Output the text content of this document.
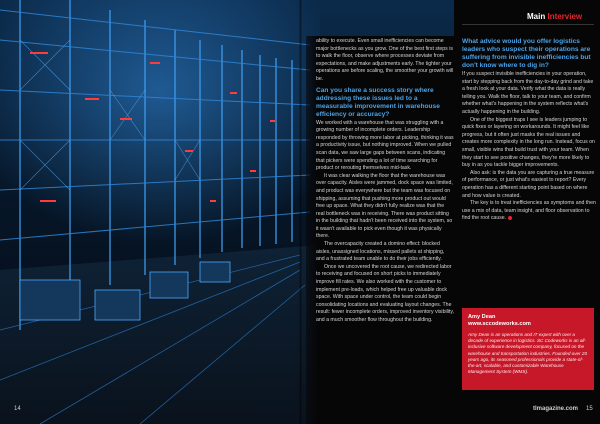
Main Interview

ability to execute. Even small inefficiencies can become major bottlenecks as you grow. One of the best first steps is to walk the floor, observe where processes deviate from expectations, and make adjustments early. The tighter your operations are before scaling, the smoother your growth will be.

Can you share a success story where addressing these issues led to a measurable improvement in warehouse efficiency or accuracy?

We worked with a warehouse that was struggling with a growing number of incomplete orders. Leadership responded by throwing more labor at picking, thinking it was a productivity issue, but nothing improved. When we pulled scan data, we saw large gaps between scans, indicating that pickers were spending a lot of time searching for product or rerouting themselves mid-task.

It was clear walking the floor that the warehouse was over capacity. Aisles were jammed, dock space was limited, and product was everywhere but the team was focused on shipping, assuming that pushing more product out would free up space. What they didn't fully realize was that the real bottleneck was in receiving. There was product sitting in the building that hadn't been received into the system, so it wasn't available to pick even though it was physically there.

The overcapacity created a domino effect: blocked aisles, unassigned locations, missed pallets at shipping, and a frustrated team unable to do their jobs efficiently.

Once we uncovered the root cause, we redirected labor to receiving and focused on short picks to immediately improve fill rates. We also worked with the customer to implement pre-loads, which helped free up valuable dock space. With space under control, the team could begin consolidating locations and evaluating layout changes. The result: fewer incomplete orders, improved inventory visibility, and a much smoother flow throughout the building.

What advice would you offer logistics leaders who suspect their operations are suffering from invisible inefficiencies but don't know where to dig in?

If you suspect invisible inefficiencies in your operation, start by stepping back from the day-to-day grind and take a fresh look at your data. Verify what the data is really telling you. Walk the floor, talk to your team, and confirm whether what's happening in the system reflects what's actually happening in the building.

One of the biggest traps I see is leaders jumping to quick fixes or layering on workarounds. It might feel like progress, but it often just masks the real issues and creates more complexity in the long run. Instead, focus on small, visible wins that build trust with your team. When they start to see positive changes, they're more likely to buy in as you tackle bigger improvements.

Also ask: is the data you are capturing a true measure of performance, or just what's easiest to report? Every operation has a different starting point based on where and how value is created.

The key is to treat inefficiencies as symptoms and then use a mix of data, team insight, and floor observation to find the root cause.

Amy Dean
www.sccodeworks.com
Amy Dean is an operations and IT expert with over a decade of experience in logistics. SC Codeworks is an all-inclusive software development company, focused on the warehouse and transportation industries. Founded over 20 years ago, its seasoned professionals provide a state-of-the-art, scalable, and customizable Warehouse Management System (WMS).
14	tlmagazine.com 15
